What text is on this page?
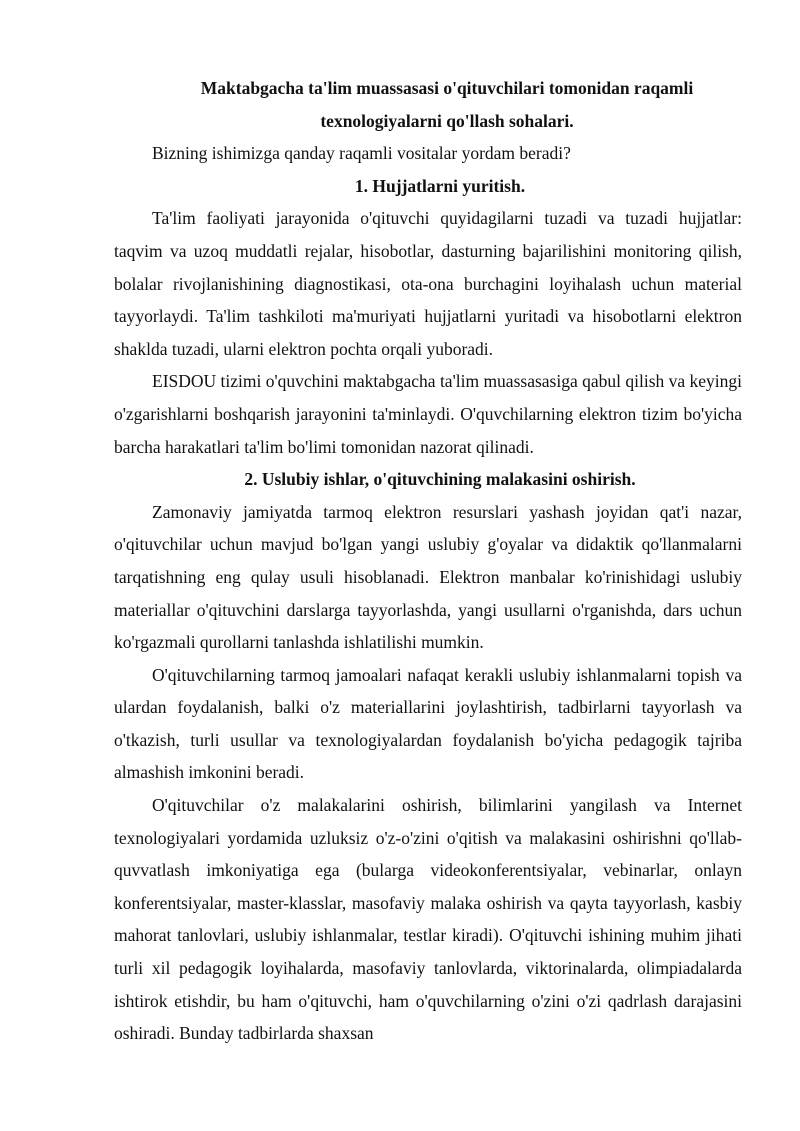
Maktabgacha ta'lim muassasasi o'qituvchilari tomonidan raqamli texnologiyalarni qo'llash sohalari.

Bizning ishimizga qanday raqamli vositalar yordam beradi?

1. Hujjatlarni yuritish.

Ta'lim faoliyati jarayonida o'qituvchi quyidagilarni tuzadi va tuzadi hujjatlar: taqvim va uzoq muddatli rejalar, hisobotlar, dasturning bajarilishini monitoring qilish, bolalar rivojlanishining diagnostikasi, ota-ona burchagini loyihalash uchun material tayyorlaydi. Ta'lim tashkiloti ma'muriyati hujjatlarni yuritadi va hisobotlarni elektron shaklda tuzadi, ularni elektron pochta orqali yuboradi.

EISDOU tizimi o'quvchini maktabgacha ta'lim muassasasiga qabul qilish va keyingi o'zgarishlarni boshqarish jarayonini ta'minlaydi. O'quvchilarning elektron tizim bo'yicha barcha harakatlari ta'lim bo'limi tomonidan nazorat qilinadi.

2. Uslubiy ishlar, o'qituvchining malakasini oshirish.

Zamonaviy jamiyatda tarmoq elektron resurslari yashash joyidan qat'i nazar, o'qituvchilar uchun mavjud bo'lgan yangi uslubiy g'oyalar va didaktik qo'llanmalarni tarqatishning eng qulay usuli hisoblanadi. Elektron manbalar ko'rinishidagi uslubiy materiallar o'qituvchini darslarga tayyorlashda, yangi usullarni o'rganishda, dars uchun ko'rgazmali qurollarni tanlashda ishlatilishi mumkin.

O'qituvchilarning tarmoq jamoalari nafaqat kerakli uslubiy ishlanmalarni topish va ulardan foydalanish, balki o'z materiallarini joylashtirish, tadbirlarni tayyorlash va o'tkazish, turli usullar va texnologiyalardan foydalanish bo'yicha pedagogik tajriba almashish imkonini beradi.

O'qituvchilar o'z malakalarini oshirish, bilimlarini yangilash va Internet texnologiyalari yordamida uzluksiz o'z-o'zini o'qitish va malakasini oshirishni qo'llab-quvvatlash imkoniyatiga ega (bularga videokonferentsiyalar, vebinarlar, onlayn konferentsiyalar, master-klasslar, masofaviy malaka oshirish va qayta tayyorlash, kasbiy mahorat tanlovlari, uslubiy ishlanmalar, testlar kiradi). O'qituvchi ishining muhim jihati turli xil pedagogik loyihalarda, masofaviy tanlovlarda, viktorinalarda, olimpiadalarda ishtirok etishdir, bu ham o'qituvchi, ham o'quvchilarning o'zini o'zi qadrlash darajasini oshiradi. Bunday tadbirlarda shaxsan
